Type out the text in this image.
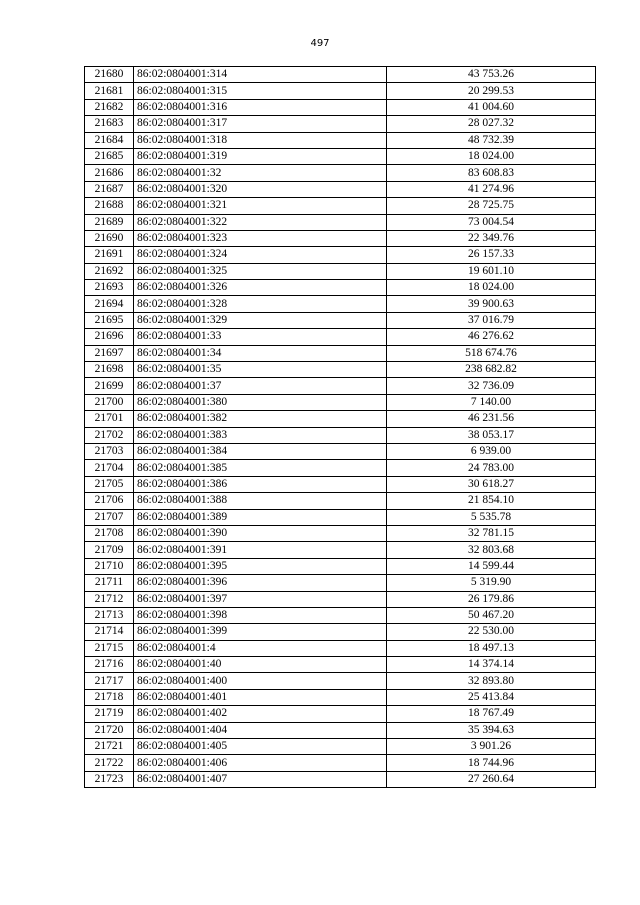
497
21680	86:02:0804001:314	43 753.26
21681	86:02:0804001:315	20 299.53
21682	86:02:0804001:316	41 004.60
21683	86:02:0804001:317	28 027.32
21684	86:02:0804001:318	48 732.39
21685	86:02:0804001:319	18 024.00
21686	86:02:0804001:32	83 608.83
21687	86:02:0804001:320	41 274.96
21688	86:02:0804001:321	28 725.75
21689	86:02:0804001:322	73 004.54
21690	86:02:0804001:323	22 349.76
21691	86:02:0804001:324	26 157.33
21692	86:02:0804001:325	19 601.10
21693	86:02:0804001:326	18 024.00
21694	86:02:0804001:328	39 900.63
21695	86:02:0804001:329	37 016.79
21696	86:02:0804001:33	46 276.62
21697	86:02:0804001:34	518 674.76
21698	86:02:0804001:35	238 682.82
21699	86:02:0804001:37	32 736.09
21700	86:02:0804001:380	7 140.00
21701	86:02:0804001:382	46 231.56
21702	86:02:0804001:383	38 053.17
21703	86:02:0804001:384	6 939.00
21704	86:02:0804001:385	24 783.00
21705	86:02:0804001:386	30 618.27
21706	86:02:0804001:388	21 854.10
21707	86:02:0804001:389	5 535.78
21708	86:02:0804001:390	32 781.15
21709	86:02:0804001:391	32 803.68
21710	86:02:0804001:395	14 599.44
21711	86:02:0804001:396	5 319.90
21712	86:02:0804001:397	26 179.86
21713	86:02:0804001:398	50 467.20
21714	86:02:0804001:399	22 530.00
21715	86:02:0804001:4	18 497.13
21716	86:02:0804001:40	14 374.14
21717	86:02:0804001:400	32 893.80
21718	86:02:0804001:401	25 413.84
21719	86:02:0804001:402	18 767.49
21720	86:02:0804001:404	35 394.63
21721	86:02:0804001:405	3 901.26
21722	86:02:0804001:406	18 744.96
21723	86:02:0804001:407	27 260.64
